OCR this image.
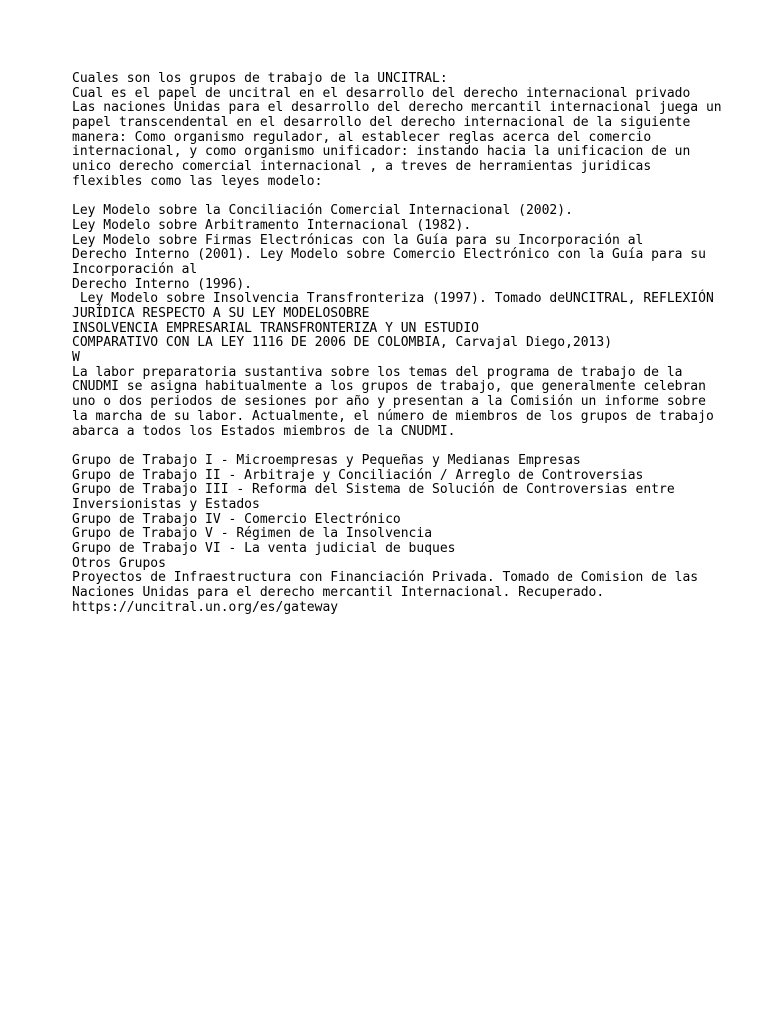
Cuales son los grupos de trabajo de la UNCITRAL:
Cual es el papel de uncitral en el desarrollo del derecho internacional privado
Las naciones Unidas para el desarrollo del derecho mercantil internacional juega un
papel transcendental en el desarrollo del derecho internacional de la siguiente
manera: Como organismo regulador, al establecer reglas acerca del comercio
internacional, y como organismo unificador: instando hacia la unificacion de un
unico derecho comercial internacional , a treves de herramientas juridicas
flexibles como las leyes modelo:
Ley Modelo sobre la Conciliación Comercial Internacional (2002).
Ley Modelo sobre Arbitramento Internacional (1982).
Ley Modelo sobre Firmas Electrónicas con la Guía para su Incorporación al
Derecho Interno (2001). Ley Modelo sobre Comercio Electrónico con la Guía para su
Incorporación al
Derecho Interno (1996).
Ley Modelo sobre Insolvencia Transfronteriza (1997). Tomado deUNCITRAL, REFLEXIÓN
JURÍDICA RESPECTO A SU LEY MODELOSOBRE
INSOLVENCIA EMPRESARIAL TRANSFRONTERIZA Y UN ESTUDIO
COMPARATIVO CON LA LEY 1116 DE 2006 DE COLOMBIA, Carvajal Diego,2013)
W
La labor preparatoria sustantiva sobre los temas del programa de trabajo de la
CNUDMI se asigna habitualmente a los grupos de trabajo, que generalmente celebran
uno o dos periodos de sesiones por año y presentan a la Comisión un informe sobre
la marcha de su labor. Actualmente, el número de miembros de los grupos de trabajo
abarca a todos los Estados miembros de la CNUDMI.
Grupo de Trabajo I - Microempresas y Pequeñas y Medianas Empresas
Grupo de Trabajo II - Arbitraje y Conciliación / Arreglo de Controversias
Grupo de Trabajo III - Reforma del Sistema de Solución de Controversias entre
Inversionistas y Estados
Grupo de Trabajo IV - Comercio Electrónico
Grupo de Trabajo V - Régimen de la Insolvencia
Grupo de Trabajo VI - La venta judicial de buques
Otros Grupos
Proyectos de Infraestructura con Financiación Privada. Tomado de Comision de las
Naciones Unidas para el derecho mercantil Internacional. Recuperado.
https://uncitral.un.org/es/gateway
